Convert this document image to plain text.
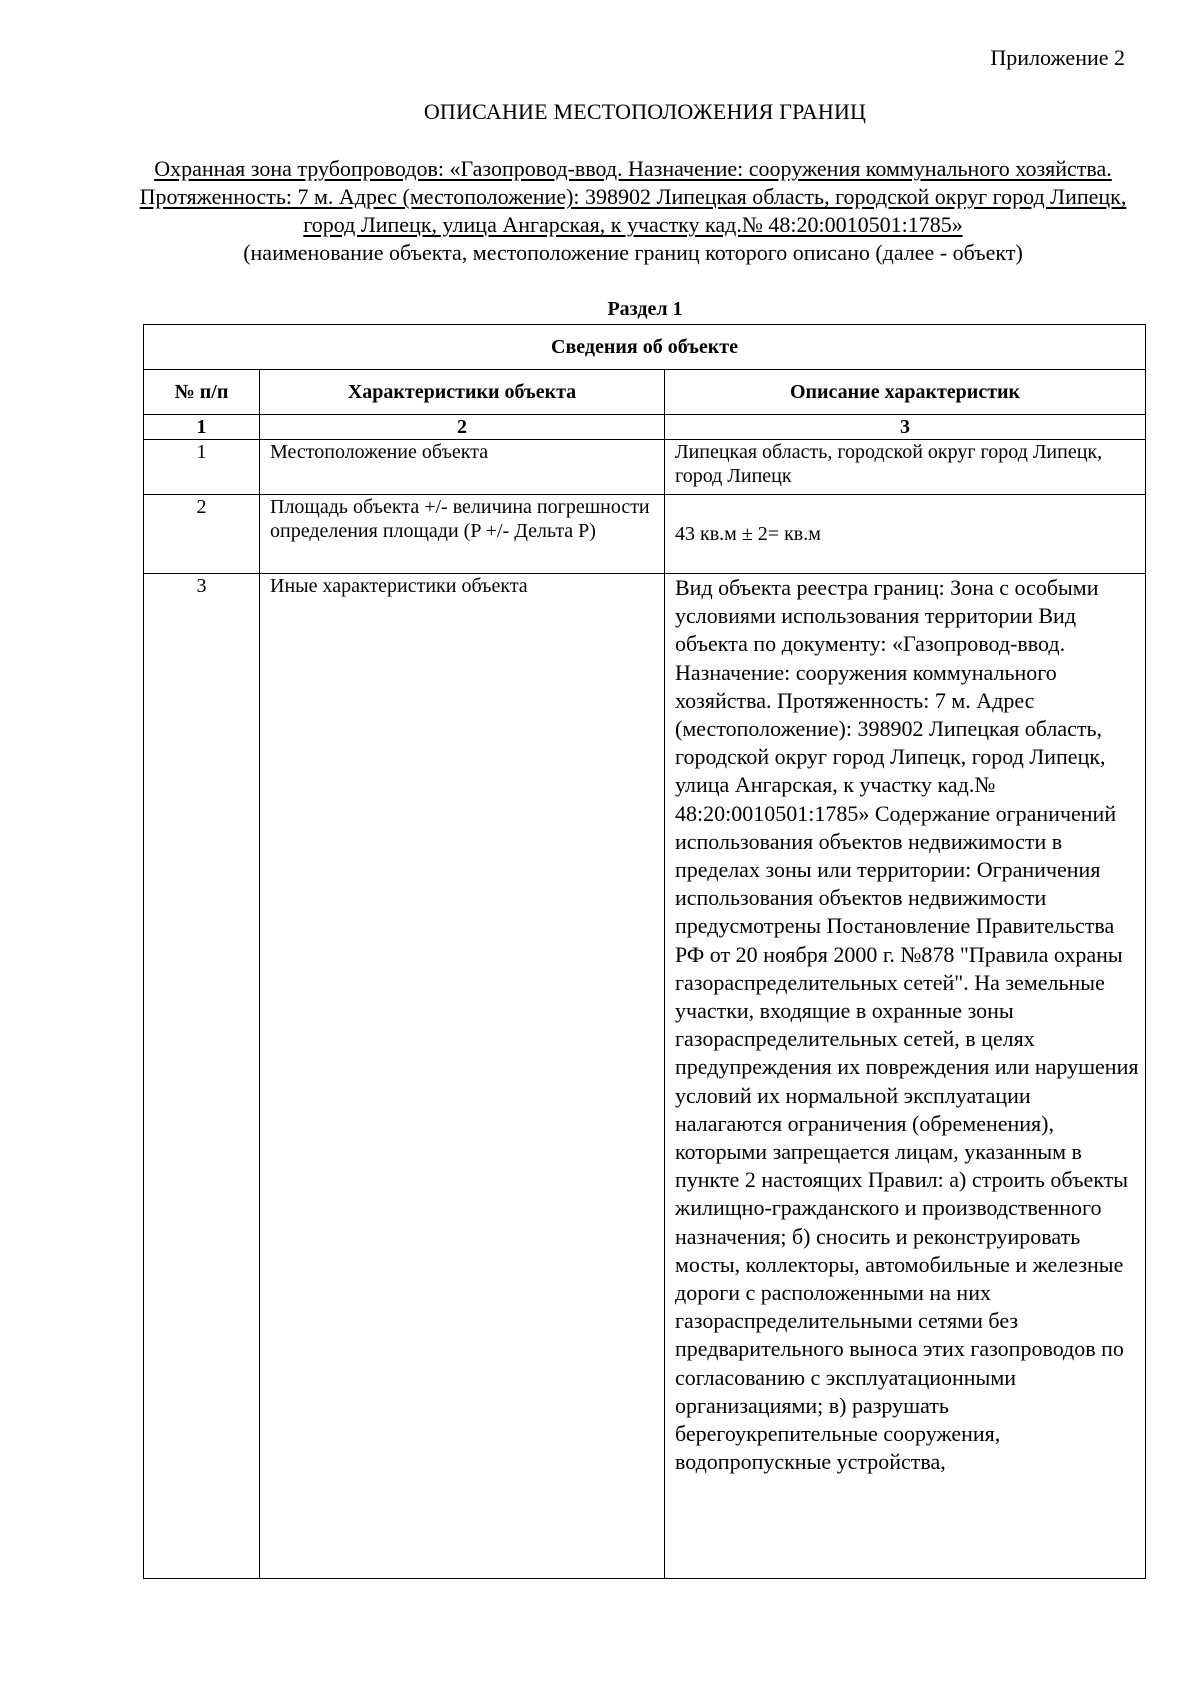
Приложение 2
ОПИСАНИЕ МЕСТОПОЛОЖЕНИЯ ГРАНИЦ
Охранная зона трубопроводов: «Газопровод-ввод. Назначение: сооружения коммунального хозяйства. Протяженность: 7 м. Адрес (местоположение): 398902 Липецкая область, городской округ город Липецк, город Липецк, улица Ангарская, к участку кад.№ 48:20:0010501:1785»
(наименование объекта, местоположение границ которого описано (далее - объект)
Раздел 1
Сведения об объекте		
№ п/п	Характеристики объекта	Описание характеристик
1	2	3
1	Местоположение объекта	Липецкая область, городской округ город Липецк, город Липецк
2	Площадь объекта +/- величина погрешности определения площади (P +/- Дельта P)	43 кв.м ± 2= кв.м
3	Иные характеристики объекта	Вид объекта реестра границ: Зона с особыми условиями использования территории Вид объекта по документу: «Газопровод-ввод. Назначение: сооружения коммунального хозяйства. Протяженность: 7 м. Адрес (местоположение): 398902 Липецкая область, городской округ город Липецк, город Липецк, улица Ангарская, к участку кад.№ 48:20:0010501:1785» Содержание ограничений использования объектов недвижимости в пределах зоны или территории: Ограничения использования объектов недвижимости предусмотрены Постановление Правительства РФ от 20 ноября 2000 г. №878 "Правила охраны газораспределительных сетей". На земельные участки, входящие в охранные зоны газораспределительных сетей, в целях предупреждения их повреждения или нарушения условий их нормальной эксплуатации налагаются ограничения (обременения), которыми запрещается лицам, указанным в пункте 2 настоящих Правил: а) строить объекты жилищно-гражданского и производственного назначения; б) сносить и реконструировать мосты, коллекторы, автомобильные и железные дороги с расположенными на них газораспределительными сетями без предварительного выноса этих газопроводов по согласованию с эксплуатационными организациями; в) разрушать берегоукрепительные сооружения, водопропускные устройства,
